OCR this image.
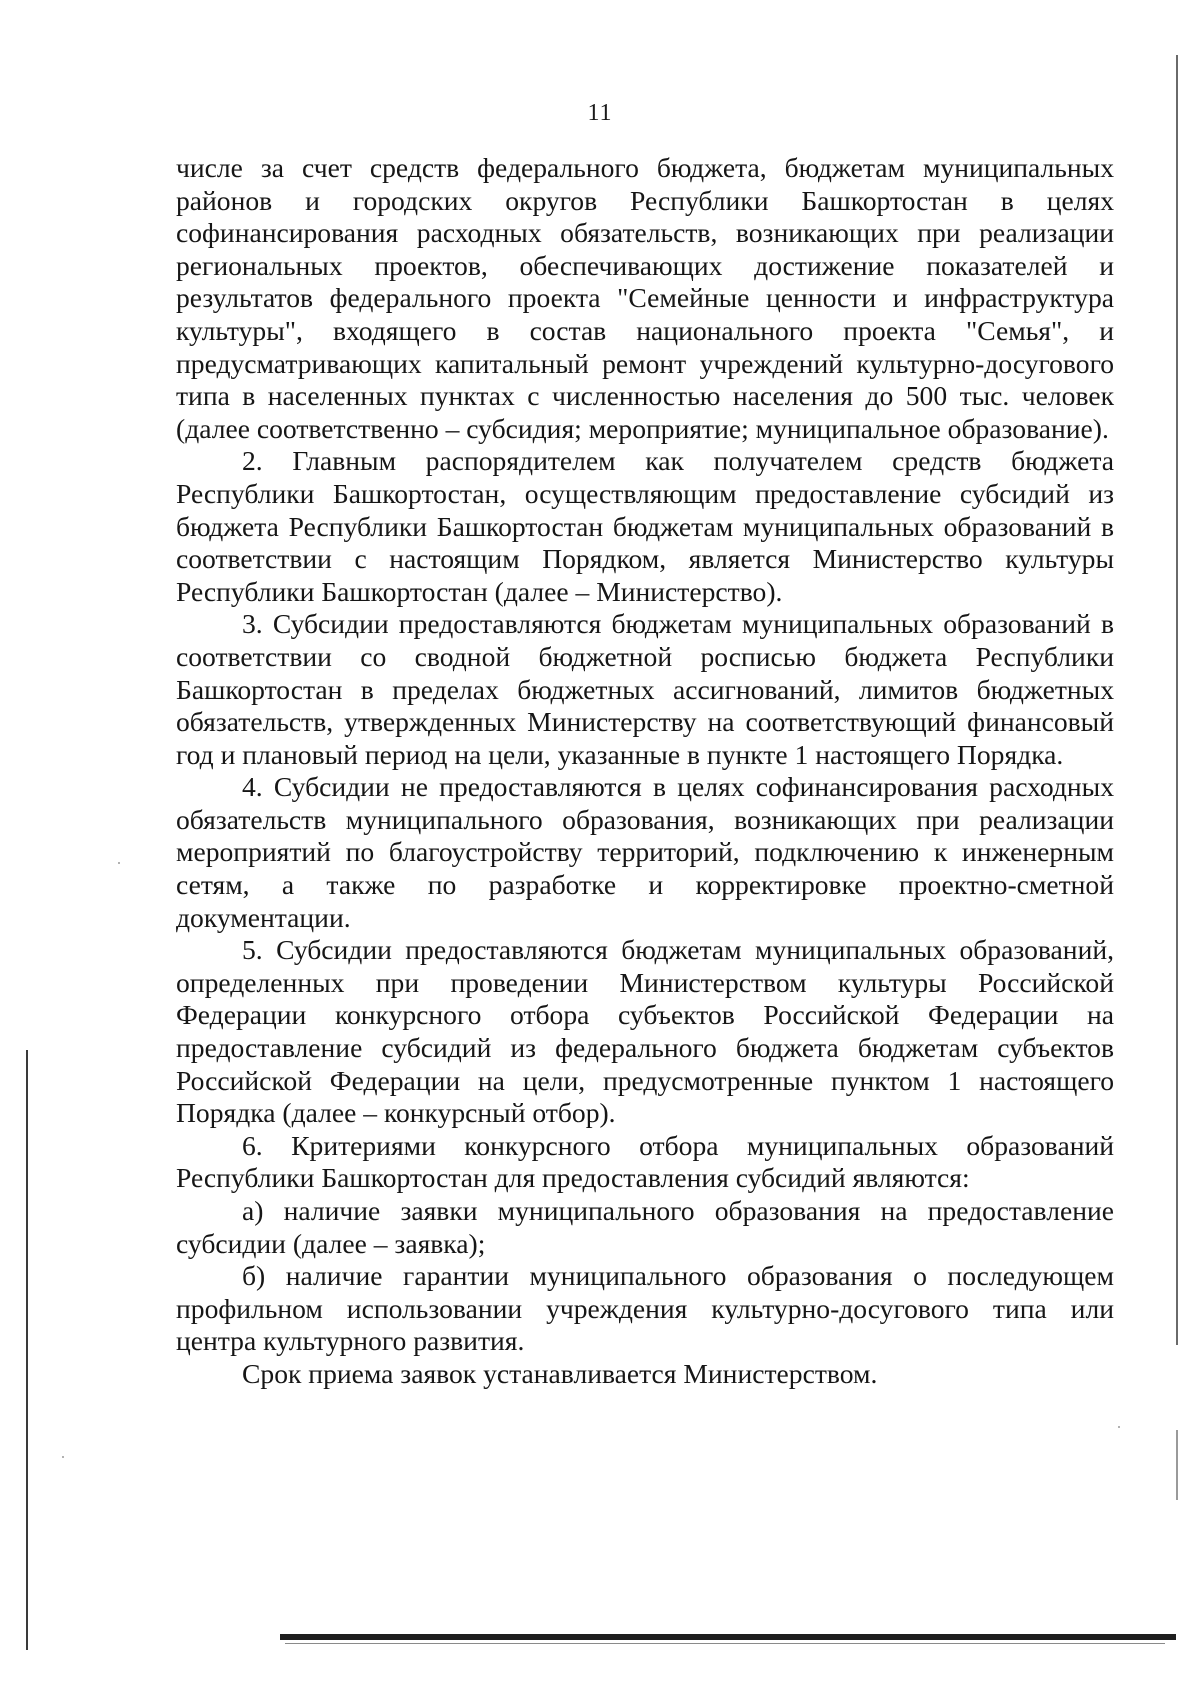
11

числе за счет средств федерального бюджета, бюджетам муниципальных районов и городских округов Республики Башкортостан в целях софинансирования расходных обязательств, возникающих при реализации региональных проектов, обеспечивающих достижение показателей и результатов федерального проекта "Семейные ценности и инфраструктура культуры", входящего в состав национального проекта "Семья", и предусматривающих капитальный ремонт учреждений культурно-досугового типа в населенных пунктах с численностью населения до 500 тыс. человек (далее соответственно – субсидия; мероприятие; муниципальное образование).

2. Главным распорядителем как получателем средств бюджета Республики Башкортостан, осуществляющим предоставление субсидий из бюджета Республики Башкортостан бюджетам муниципальных образований в соответствии с настоящим Порядком, является Министерство культуры Республики Башкортостан (далее – Министерство).

3. Субсидии предоставляются бюджетам муниципальных образований в соответствии со сводной бюджетной росписью бюджета Республики Башкортостан в пределах бюджетных ассигнований, лимитов бюджетных обязательств, утвержденных Министерству на соответствующий финансовый год и плановый период на цели, указанные в пункте 1 настоящего Порядка.

4. Субсидии не предоставляются в целях софинансирования расходных обязательств муниципального образования, возникающих при реализации мероприятий по благоустройству территорий, подключению к инженерным сетям, а также по разработке и корректировке проектно-сметной документации.

5. Субсидии предоставляются бюджетам муниципальных образований, определенных при проведении Министерством культуры Российской Федерации конкурсного отбора субъектов Российской Федерации на предоставление субсидий из федерального бюджета бюджетам субъектов Российской Федерации на цели, предусмотренные пунктом 1 настоящего Порядка (далее – конкурсный отбор).

6. Критериями конкурсного отбора муниципальных образований Республики Башкортостан для предоставления субсидий являются:

а) наличие заявки муниципального образования на предоставление субсидии (далее – заявка);

б) наличие гарантии муниципального образования о последующем профильном использовании учреждения культурно-досугового типа или центра культурного развития.

Срок приема заявок устанавливается Министерством.
